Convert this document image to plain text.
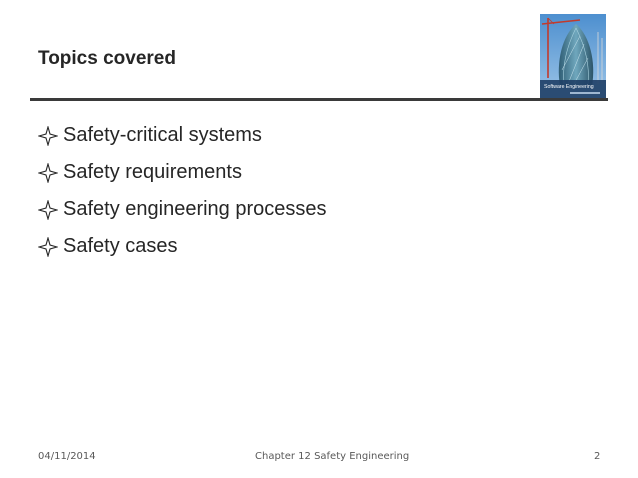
Topics covered
Software Engineering
Safety-critical systems
Safety requirements
Safety engineering processes
Safety cases
04/11/2014	Chapter 12 Safety Engineering	2
